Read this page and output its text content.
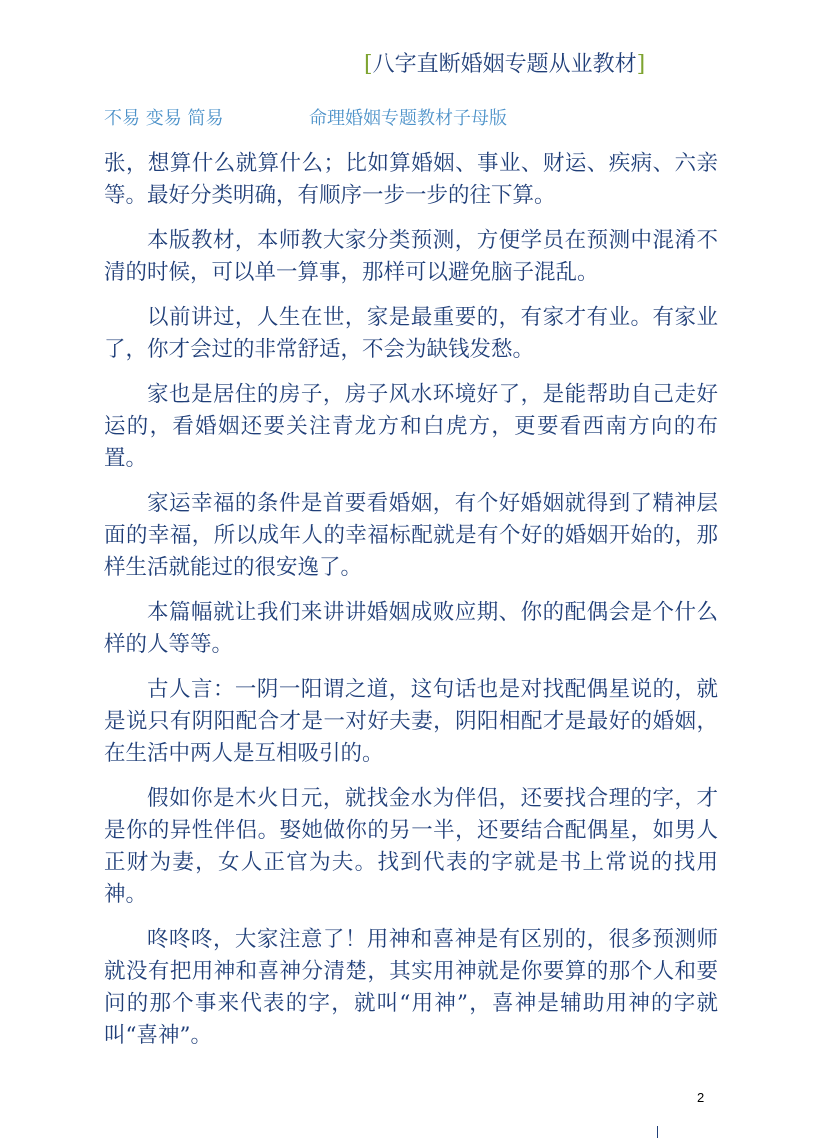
[八字直断婚姻专题从业教材]
不易 变易 简易	命理婚姻专题教材子母版

张，想算什么就算什么；比如算婚姻、事业、财运、疾病、六亲等。最好分类明确，有顺序一步一步的往下算。

本版教材，本师教大家分类预测，方便学员在预测中混淆不清的时候，可以单一算事，那样可以避免脑子混乱。

以前讲过，人生在世，家是最重要的，有家才有业。有家业了，你才会过的非常舒适，不会为缺钱发愁。

家也是居住的房子，房子风水环境好了，是能帮助自己走好运的，看婚姻还要关注青龙方和白虎方，更要看西南方向的布置。

家运幸福的条件是首要看婚姻，有个好婚姻就得到了精神层面的幸福，所以成年人的幸福标配就是有个好的婚姻开始的，那样生活就能过的很安逸了。

本篇幅就让我们来讲讲婚姻成败应期、你的配偶会是个什么样的人等等。

古人言：一阴一阳谓之道，这句话也是对找配偶星说的，就是说只有阴阳配合才是一对好夫妻，阴阳相配才是最好的婚姻，在生活中两人是互相吸引的。

假如你是木火日元，就找金水为伴侣，还要找合理的字，才是你的异性伴侣。娶她做你的另一半，还要结合配偶星，如男人正财为妻，女人正官为夫。找到代表的字就是书上常说的找用神。

咚咚咚，大家注意了！用神和喜神是有区别的，很多预测师就没有把用神和喜神分清楚，其实用神就是你要算的那个人和要问的那个事来代表的字，就叫“用神”，喜神是辅助用神的字就叫“喜神”。

2
